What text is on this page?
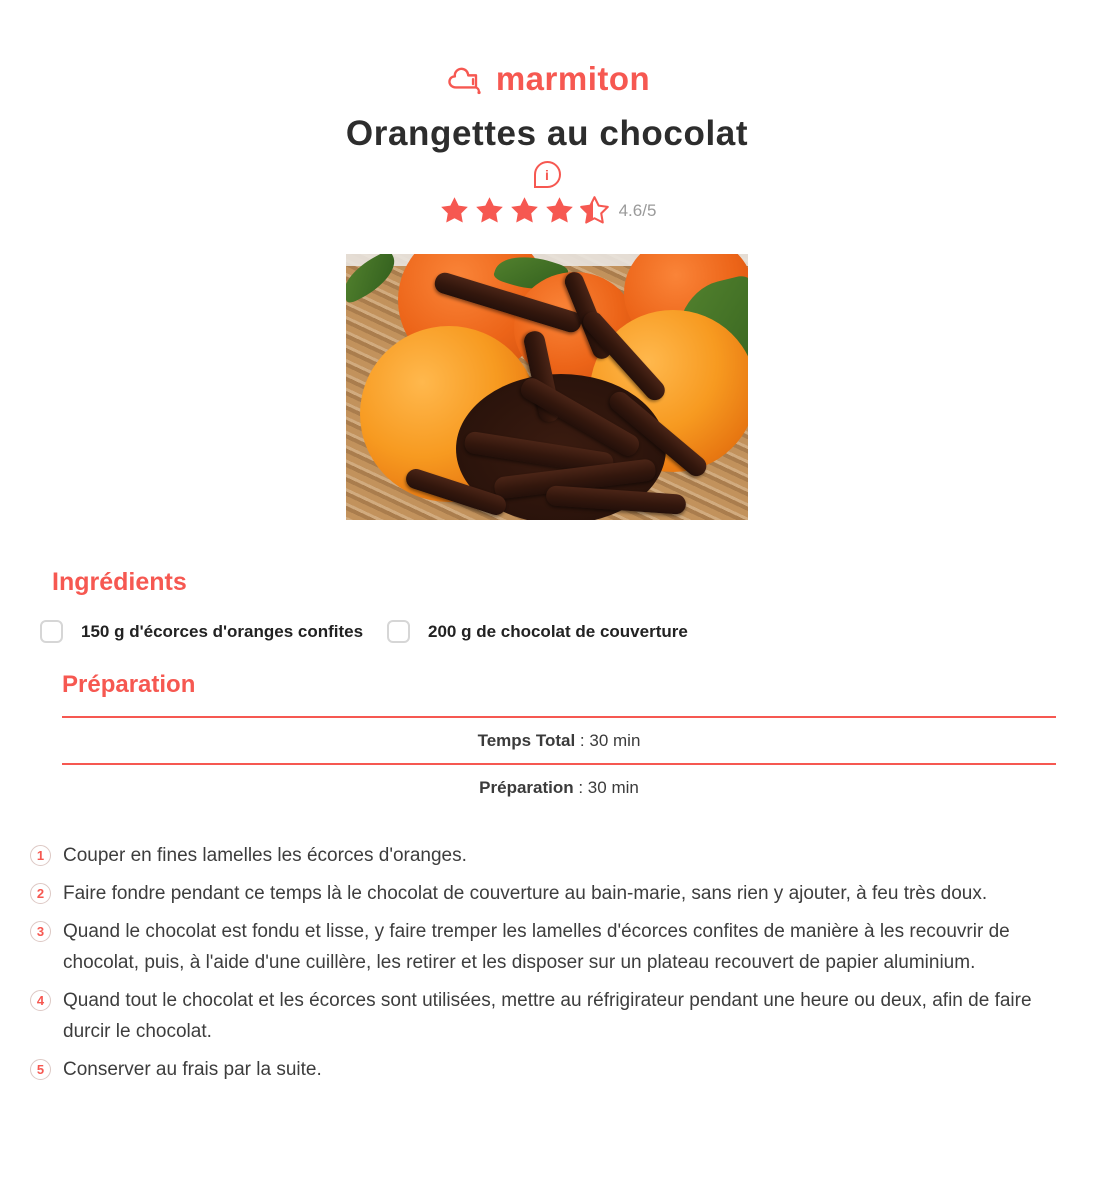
marmiton
Orangettes au chocolat
i
4.6/5
Ingrédients
150 g d'écorces d'oranges confites	200 g de chocolat de couverture
Préparation
Temps Total : 30 min
Préparation : 30 min
1 Couper en fines lamelles les écorces d'oranges.
2 Faire fondre pendant ce temps là le chocolat de couverture au bain-marie, sans rien y ajouter, à feu très doux.
3 Quand le chocolat est fondu et lisse, y faire tremper les lamelles d'écorces confites de manière à les recouvrir de chocolat, puis, à l'aide d'une cuillère, les retirer et les disposer sur un plateau recouvert de papier aluminium.
4 Quand tout le chocolat et les écorces sont utilisées, mettre au réfrigirateur pendant une heure ou deux, afin de faire durcir le chocolat.
5 Conserver au frais par la suite.
